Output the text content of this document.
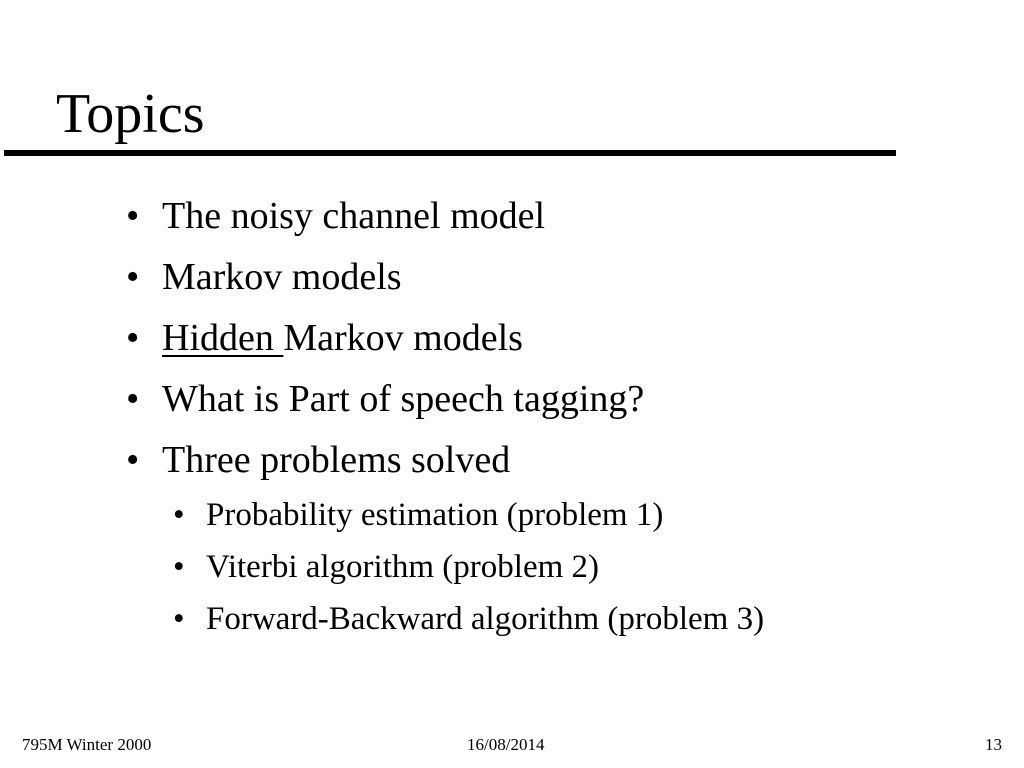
Topics
• The noisy channel model
• Markov models
• Hidden Markov models
• What is Part of speech tagging?
• Three problems solved
• Probability estimation (problem 1)
• Viterbi algorithm (problem 2)
• Forward-Backward algorithm (problem 3)
795M Winter 2000	16/08/2014	13
